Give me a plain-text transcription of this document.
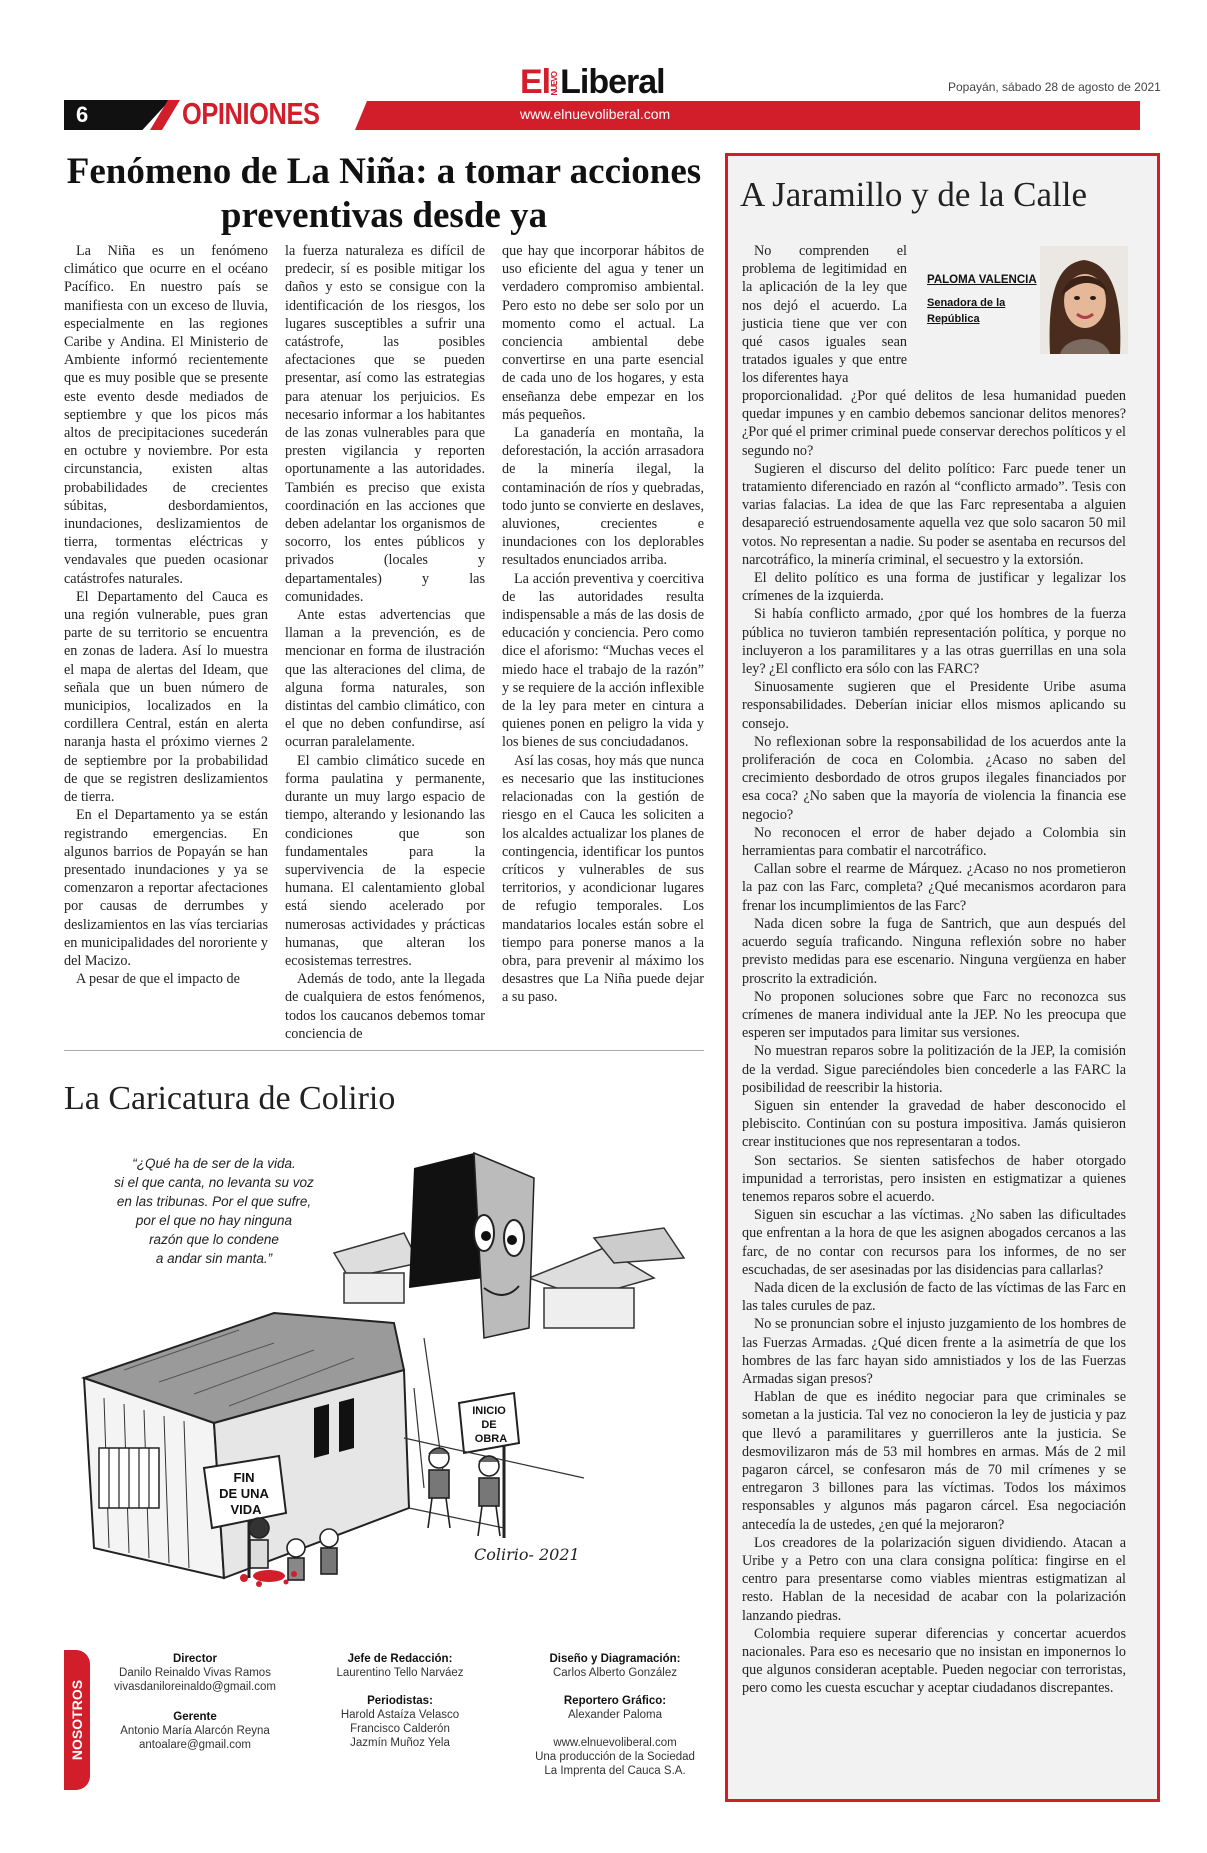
ElNUEVOLiberal	Popayán, sábado 28 de agosto de 2021
6	OPINIONES	www.elnuevoliberal.com
Fenómeno de La Niña: a tomar acciones preventivas desde ya

La Niña es un fenómeno climático que ocurre en el océano Pacífico. En nuestro país se manifiesta con un exceso de lluvia, especialmente en las regiones Caribe y Andina. El Ministerio de Ambiente informó recientemente que es muy posible que se presente este evento desde mediados de septiembre y que los picos más altos de precipitaciones sucederán en octubre y noviembre. Por esta circunstancia, existen altas probabilidades de crecientes súbitas, desbordamientos, inundaciones, deslizamientos de tierra, tormentas eléctricas y vendavales que pueden ocasionar catástrofes naturales.

El Departamento del Cauca es una región vulnerable, pues gran parte de su territorio se encuentra en zonas de ladera. Así lo muestra el mapa de alertas del Ideam, que señala que un buen número de municipios, localizados en la cordillera Central, están en alerta naranja hasta el próximo viernes 2 de septiembre por la probabilidad de que se registren deslizamientos de tierra.

En el Departamento ya se están registrando emergencias. En algunos barrios de Popayán se han presentado inundaciones y ya se comenzaron a reportar afectaciones por causas de derrumbes y deslizamientos en las vías terciarias en municipalidades del nororiente y del Macizo.

A pesar de que el impacto de

la fuerza naturaleza es difícil de predecir, sí es posible mitigar los daños y esto se consigue con la identificación de los riesgos, los lugares susceptibles a sufrir una catástrofe, las posibles afectaciones que se pueden presentar, así como las estrategias para atenuar los perjuicios. Es necesario informar a los habitantes de las zonas vulnerables para que presten vigilancia y reporten oportunamente a las autoridades. También es preciso que exista coordinación en las acciones que deben adelantar los organismos de socorro, los entes públicos y privados (locales y departamentales) y las comunidades.

Ante estas advertencias que llaman a la prevención, es de mencionar en forma de ilustración que las alteraciones del clima, de alguna forma naturales, son distintas del cambio climático, con el que no deben confundirse, así ocurran paralelamente.

El cambio climático sucede en forma paulatina y permanente, durante un muy largo espacio de tiempo, alterando y lesionando las condiciones que son fundamentales para la supervivencia de la especie humana. El calentamiento global está siendo acelerado por numerosas actividades y prácticas humanas, que alteran los ecosistemas terrestres.

Además de todo, ante la llegada de cualquiera de estos fenómenos, todos los caucanos debemos tomar conciencia de

que hay que incorporar hábitos de uso eficiente del agua y tener un verdadero compromiso ambiental. Pero esto no debe ser solo por un momento como el actual. La conciencia ambiental debe convertirse en una parte esencial de cada uno de los hogares, y esta enseñanza debe empezar en los más pequeños.

La ganadería en montaña, la deforestación, la acción arrasadora de la minería ilegal, la contaminación de ríos y quebradas, todo junto se convierte en deslaves, aluviones, crecientes e inundaciones con los deplorables resultados enunciados arriba.

La acción preventiva y coercitiva de las autoridades resulta indispensable a más de las dosis de educación y conciencia. Pero como dice el aforismo: “Muchas veces el miedo hace el trabajo de la razón” y se requiere de la acción inflexible de la ley para meter en cintura a quienes ponen en peligro la vida y los bienes de sus conciudadanos.

Así las cosas, hoy más que nunca es necesario que las instituciones relacionadas con la gestión de riesgo en el Cauca les soliciten a los alcaldes actualizar los planes de contingencia, identificar los puntos críticos y vulnerables de sus territorios, y acondicionar lugares de refugio temporales. Los mandatarios locales están sobre el tiempo para ponerse manos a la obra, para prevenir al máximo los desastres que La Niña puede dejar a su paso.

La Caricatura de Colirio
“¿Qué ha de ser de la vida.
si el que canta, no levanta su voz
en las tribunas. Por el que sufre,
por el que no hay ninguna
razón que lo condene
a andar sin manta.”
FIN
DE UNA
VIDA
INICIO
DE
OBRA
Colirio- 2021
NOSOTROS
Director
Danilo Reinaldo Vivas Ramos
vivasdaniloreinaldo@gmail.com
Gerente
Antonio María Alarcón Reyna
antoalare@gmail.com
Jefe de Redacción:
Laurentino Tello Narváez
Periodistas:
Harold Astaíza Velasco
Francisco Calderón
Jazmín Muñoz Yela
Diseño y Diagramación:
Carlos Alberto González
Reportero Gráfico:
Alexander Paloma
www.elnuevoliberal.com
Una producción de la Sociedad
La Imprenta del Cauca S.A.
A Jaramillo y de la Calle

No comprenden el problema de legitimidad en la aplicación de la ley que nos dejó el acuerdo. La justicia tiene que ver con qué casos iguales sean tratados iguales y que entre los diferentes haya

PALOMA VALENCIA
Senadora de la República

proporcionalidad. ¿Por qué delitos de lesa humanidad pueden quedar impunes y en cambio debemos sancionar delitos menores? ¿Por qué el primer criminal puede conservar derechos políticos y el segundo no?

Sugieren el discurso del delito político: Farc puede tener un tratamiento diferenciado en razón al “conflicto armado”. Tesis con varias falacias. La idea de que las Farc representaba a alguien desapareció estruendosamente aquella vez que solo sacaron 50 mil votos. No representan a nadie. Su poder se asentaba en recursos del narcotráfico, la minería criminal, el secuestro y la extorsión.

El delito político es una forma de justificar y legalizar los crímenes de la izquierda.

Si había conflicto armado, ¿por qué los hombres de la fuerza pública no tuvieron también representación política, y porque no incluyeron a los paramilitares y a las otras guerrillas en una sola ley? ¿El conflicto era sólo con las FARC?

Sinuosamente sugieren que el Presidente Uribe asuma responsabilidades. Deberían iniciar ellos mismos aplicando su consejo.

No reflexionan sobre la responsabilidad de los acuerdos ante la proliferación de coca en Colombia. ¿Acaso no saben del crecimiento desbordado de otros grupos ilegales financiados por esa coca? ¿No saben que la mayoría de violencia la financia ese negocio?

No reconocen el error de haber dejado a Colombia sin herramientas para combatir el narcotráfico.

Callan sobre el rearme de Márquez. ¿Acaso no nos prometieron la paz con las Farc, completa? ¿Qué mecanismos acordaron para frenar los incumplimientos de las Farc?

Nada dicen sobre la fuga de Santrich, que aun después del acuerdo seguía traficando. Ninguna reflexión sobre no haber previsto medidas para ese escenario. Ninguna vergüenza en haber proscrito la extradición.

No proponen soluciones sobre que Farc no reconozca sus crímenes de manera individual ante la JEP. No les preocupa que esperen ser imputados para limitar sus versiones.

No muestran reparos sobre la politización de la JEP, la comisión de la verdad. Sigue pareciéndoles bien concederle a las FARC la posibilidad de reescribir la historia.

Siguen sin entender la gravedad de haber desconocido el plebiscito. Continúan con su postura impositiva. Jamás quisieron crear instituciones que nos representaran a todos.

Son sectarios. Se sienten satisfechos de haber otorgado impunidad a terroristas, pero insisten en estigmatizar a quienes tenemos reparos sobre el acuerdo.

Siguen sin escuchar a las víctimas. ¿No saben las dificultades que enfrentan a la hora de que les asignen abogados cercanos a las farc, de no contar con recursos para los informes, de no ser escuchadas, de ser asesinadas por las disidencias para callarlas?

Nada dicen de la exclusión de facto de las víctimas de las Farc en las tales curules de paz.

No se pronuncian sobre el injusto juzgamiento de los hombres de las Fuerzas Armadas. ¿Qué dicen frente a la asimetría de que los hombres de las farc hayan sido amnistiados y los de las Fuerzas Armadas sigan presos?

Hablan de que es inédito negociar para que criminales se sometan a la justicia. Tal vez no conocieron la ley de justicia y paz que llevó a paramilitares y guerrilleros ante la justicia. Se desmovilizaron más de 53 mil hombres en armas. Más de 2 mil pagaron cárcel, se confesaron más de 70 mil crímenes y se entregaron 3 billones para las víctimas. Todos los máximos responsables y algunos más pagaron cárcel. Esa negociación antecedía la de ustedes, ¿en qué la mejoraron?

Los creadores de la polarización siguen dividiendo. Atacan a Uribe y a Petro con una clara consigna política: fingirse en el centro para presentarse como viables mientras estigmatizan al resto. Hablan de la necesidad de acabar con la polarización lanzando piedras.

Colombia requiere superar diferencias y concertar acuerdos nacionales. Para eso es necesario que no insistan en imponernos lo que algunos consideran aceptable. Pueden negociar con terroristas, pero como les cuesta escuchar y aceptar ciudadanos discrepantes.
